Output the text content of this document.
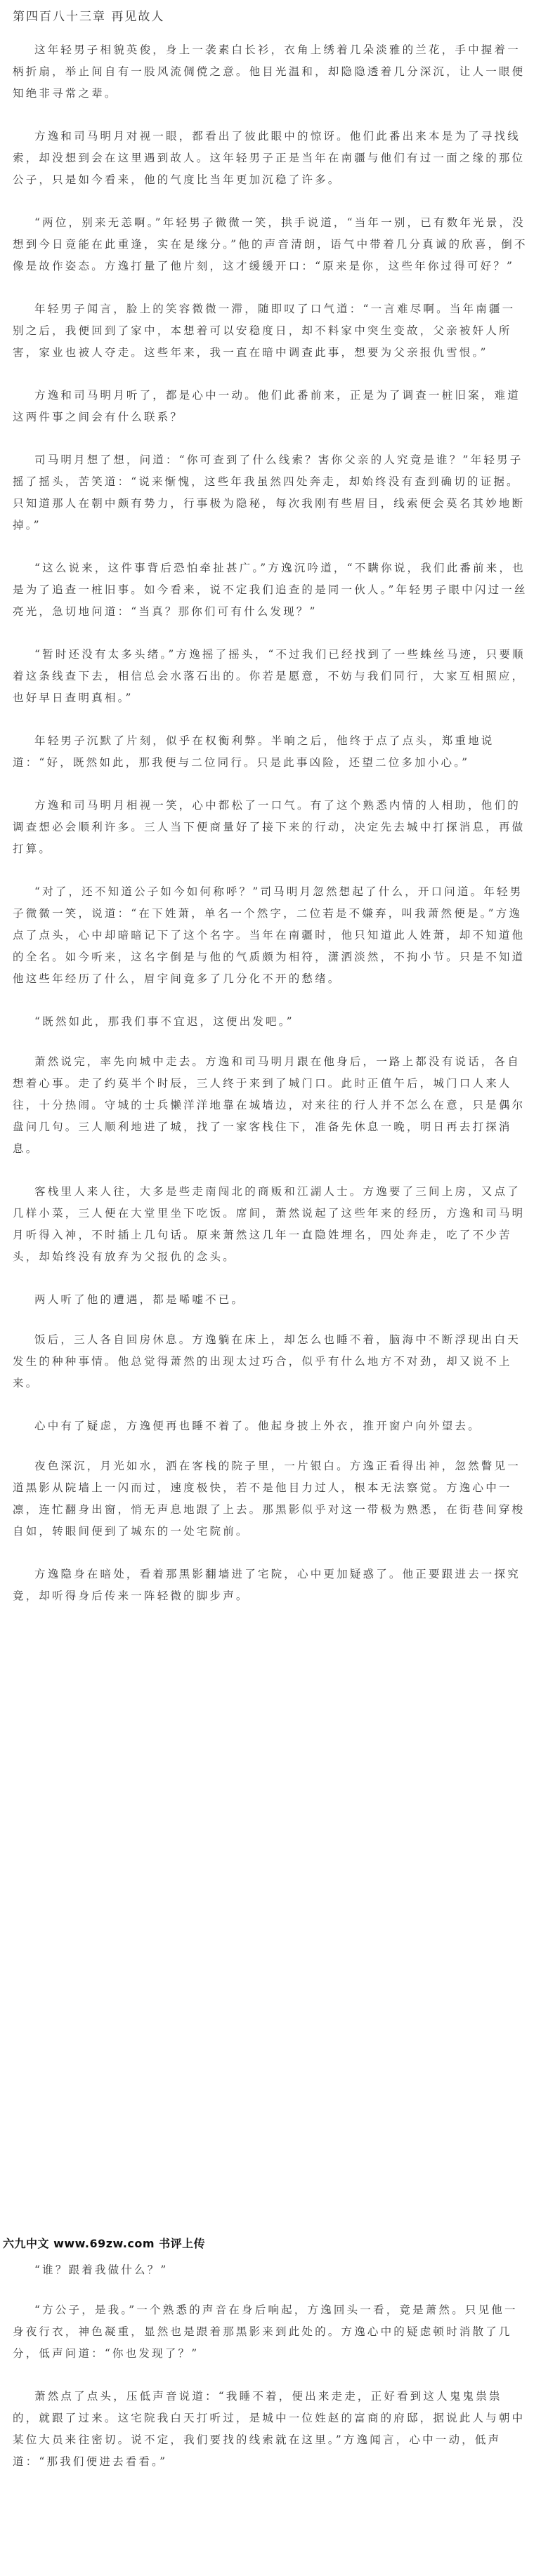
第四百八十三章 再见故人

这年轻男子相貌英俊，身上一袭素白长衫，衣角上绣着几朵淡雅的兰花，手中握着一柄折扇，举止间自有一股风流倜傥之意。他目光温和，却隐隐透着几分深沉，让人一眼便知绝非寻常之辈。

方逸和司马明月对视一眼，都看出了彼此眼中的惊讶。他们此番出来本是为了寻找线索，却没想到会在这里遇到故人。这年轻男子正是当年在南疆与他们有过一面之缘的那位公子，只是如今看来，他的气度比当年更加沉稳了许多。

“两位，别来无恙啊。”年轻男子微微一笑，拱手说道，“当年一别，已有数年光景，没想到今日竟能在此重逢，实在是缘分。”他的声音清朗，语气中带着几分真诚的欣喜，倒不像是故作姿态。方逸打量了他片刻，这才缓缓开口：“原来是你，这些年你过得可好？”

年轻男子闻言，脸上的笑容微微一滞，随即叹了口气道：“一言难尽啊。当年南疆一别之后，我便回到了家中，本想着可以安稳度日，却不料家中突生变故，父亲被奸人所害，家业也被人夺走。这些年来，我一直在暗中调查此事，想要为父亲报仇雪恨。”

方逸和司马明月听了，都是心中一动。他们此番前来，正是为了调查一桩旧案，难道这两件事之间会有什么联系？

司马明月想了想，问道：“你可查到了什么线索？害你父亲的人究竟是谁？”年轻男子摇了摇头，苦笑道：“说来惭愧，这些年我虽然四处奔走，却始终没有查到确切的证据。只知道那人在朝中颇有势力，行事极为隐秘，每次我刚有些眉目，线索便会莫名其妙地断掉。”

“这么说来，这件事背后恐怕牵扯甚广。”方逸沉吟道，“不瞒你说，我们此番前来，也是为了追查一桩旧事。如今看来，说不定我们追查的是同一伙人。”年轻男子眼中闪过一丝亮光，急切地问道：“当真？那你们可有什么发现？”

“暂时还没有太多头绪。”方逸摇了摇头，“不过我们已经找到了一些蛛丝马迹，只要顺着这条线查下去，相信总会水落石出的。你若是愿意，不妨与我们同行，大家互相照应，也好早日查明真相。”

年轻男子沉默了片刻，似乎在权衡利弊。半晌之后，他终于点了点头，郑重地说道：“好，既然如此，那我便与二位同行。只是此事凶险，还望二位多加小心。”

方逸和司马明月相视一笑，心中都松了一口气。有了这个熟悉内情的人相助，他们的调查想必会顺利许多。三人当下便商量好了接下来的行动，决定先去城中打探消息，再做打算。

“对了，还不知道公子如今如何称呼？”司马明月忽然想起了什么，开口问道。年轻男子微微一笑，说道：“在下姓萧，单名一个然字，二位若是不嫌弃，叫我萧然便是。”方逸点了点头，心中却暗暗记下了这个名字。当年在南疆时，他只知道此人姓萧，却不知道他的全名。如今听来，这名字倒是与他的气质颇为相符，潇洒淡然，不拘小节。只是不知道他这些年经历了什么，眉宇间竟多了几分化不开的愁绪。

“既然如此，那我们事不宜迟，这便出发吧。”

萧然说完，率先向城中走去。方逸和司马明月跟在他身后，一路上都没有说话，各自想着心事。走了约莫半个时辰，三人终于来到了城门口。此时正值午后，城门口人来人往，十分热闹。守城的士兵懒洋洋地靠在城墙边，对来往的行人并不怎么在意，只是偶尔盘问几句。三人顺利地进了城，找了一家客栈住下，准备先休息一晚，明日再去打探消息。

客栈里人来人往，大多是些走南闯北的商贩和江湖人士。方逸要了三间上房，又点了几样小菜，三人便在大堂里坐下吃饭。席间，萧然说起了这些年来的经历，方逸和司马明月听得入神，不时插上几句话。原来萧然这几年一直隐姓埋名，四处奔走，吃了不少苦头，却始终没有放弃为父报仇的念头。

两人听了他的遭遇，都是唏嘘不已。

饭后，三人各自回房休息。方逸躺在床上，却怎么也睡不着，脑海中不断浮现出白天发生的种种事情。他总觉得萧然的出现太过巧合，似乎有什么地方不对劲，却又说不上来。

心中有了疑虑，方逸便再也睡不着了。他起身披上外衣，推开窗户向外望去。

夜色深沉，月光如水，洒在客栈的院子里，一片银白。方逸正看得出神，忽然瞥见一道黑影从院墙上一闪而过，速度极快，若不是他目力过人，根本无法察觉。方逸心中一凛，连忙翻身出窗，悄无声息地跟了上去。那黑影似乎对这一带极为熟悉，在街巷间穿梭自如，转眼间便到了城东的一处宅院前。

方逸隐身在暗处，看着那黑影翻墙进了宅院，心中更加疑惑了。他正要跟进去一探究竟，却听得身后传来一阵轻微的脚步声。

六九中文 www.69zw.com 书评上传

“谁？跟着我做什么？”

“方公子，是我。”一个熟悉的声音在身后响起，方逸回头一看，竟是萧然。只见他一身夜行衣，神色凝重，显然也是跟着那黑影来到此处的。方逸心中的疑虑顿时消散了几分，低声问道：“你也发现了？”

萧然点了点头，压低声音说道：“我睡不着，便出来走走，正好看到这人鬼鬼祟祟的，就跟了过来。这宅院我白天打听过，是城中一位姓赵的富商的府邸，据说此人与朝中某位大员来往密切。说不定，我们要找的线索就在这里。”方逸闻言，心中一动，低声道：“那我们便进去看看。”
